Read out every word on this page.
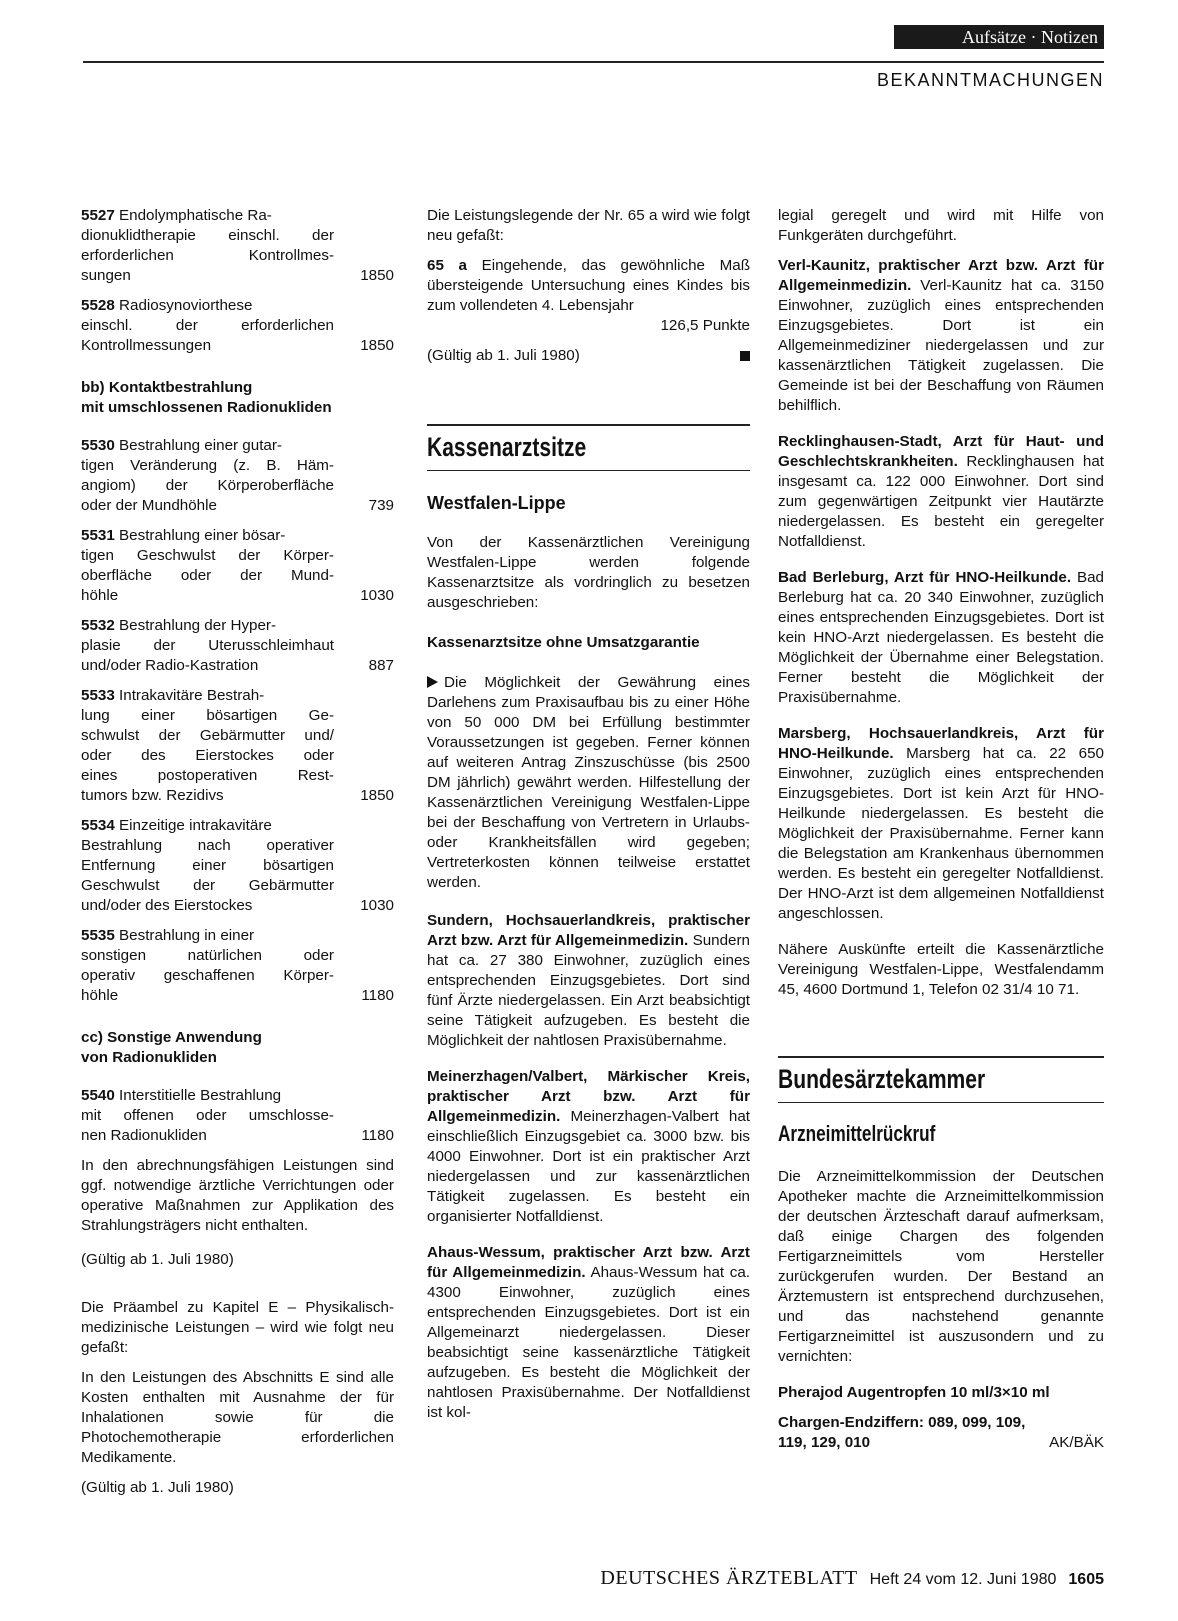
Aufsätze · Notizen
BEKANNTMACHUNGEN
5527 Endolymphatische Ra-
dionuklidtherapie einschl. der
erforderlichen Kontrollmes-
sungen	1850
5528 Radiosynoviorthese
einschl. der erforderlichen
Kontrollmessungen	1850
bb) Kontaktbestrahlung
mit umschlossenen Radionukliden
5530 Bestrahlung einer gutar-
tigen Veränderung (z. B. Häm-
angiom) der Körperoberfläche
oder der Mundhöhle	739
5531 Bestrahlung einer bösar-
tigen Geschwulst der Körper-
oberfläche oder der Mund-
höhle	1030
5532 Bestrahlung der Hyper-
plasie der Uterusschleimhaut
und/oder Radio-Kastration	887
5533 Intrakavitäre Bestrah-
lung einer bösartigen Ge-
schwulst der Gebärmutter und/
oder des Eierstockes oder
eines postoperativen Rest-
tumors bzw. Rezidivs	1850
5534 Einzeitige intrakavitäre
Bestrahlung nach operativer
Entfernung einer bösartigen
Geschwulst der Gebärmutter
und/oder des Eierstockes	1030
5535 Bestrahlung in einer
sonstigen natürlichen oder
operativ geschaffenen Körper-
höhle	1180
cc) Sonstige Anwendung
von Radionukliden
5540 Interstitielle Bestrahlung
mit offenen oder umschlosse-
nen Radionukliden	1180

In den abrechnungsfähigen Leistungen sind ggf. notwendige ärztliche Verrichtungen oder operative Maßnahmen zur Applikation des Strahlungsträgers nicht enthalten.

(Gültig ab 1. Juli 1980)

Die Präambel zu Kapitel E – Physikalisch-medizinische Leistungen – wird wie folgt neu gefaßt:

In den Leistungen des Abschnitts E sind alle Kosten enthalten mit Ausnahme der für Inhalationen sowie für die Photochemotherapie erforderlichen Medikamente.

(Gültig ab 1. Juli 1980)

Die Leistungslegende der Nr. 65 a wird wie folgt neu gefaßt:

65 a Eingehende, das gewöhnliche Maß übersteigende Untersuchung eines Kindes bis zum vollendeten 4. Lebensjahr
126,5 Punkte
(Gültig ab 1. Juli 1980)
Kassenarztsitze
Westfalen-Lippe

Von der Kassenärztlichen Vereinigung Westfalen-Lippe werden folgende Kassenarztsitze als vordringlich zu besetzen ausgeschrieben:

Kassenarztsitze ohne Umsatzgarantie

Die Möglichkeit der Gewährung eines Darlehens zum Praxisaufbau bis zu einer Höhe von 50 000 DM bei Erfüllung bestimmter Voraussetzungen ist gegeben. Ferner können auf weiteren Antrag Zinszuschüsse (bis 2500 DM jährlich) gewährt werden. Hilfestellung der Kassenärztlichen Vereinigung Westfalen-Lippe bei der Beschaffung von Vertretern in Urlaubs- oder Krankheitsfällen wird gegeben; Vertreterkosten können teilweise erstattet werden.

Sundern, Hochsauerlandkreis, praktischer Arzt bzw. Arzt für Allgemeinmedizin. Sundern hat ca. 27 380 Einwohner, zuzüglich eines entsprechenden Einzugsgebietes. Dort sind fünf Ärzte niedergelassen. Ein Arzt beabsichtigt seine Tätigkeit aufzugeben. Es besteht die Möglichkeit der nahtlosen Praxisübernahme.

Meinerzhagen/Valbert, Märkischer Kreis, praktischer Arzt bzw. Arzt für Allgemeinmedizin. Meinerzhagen-Valbert hat einschließlich Einzugsgebiet ca. 3000 bzw. bis 4000 Einwohner. Dort ist ein praktischer Arzt niedergelassen und zur kassenärztlichen Tätigkeit zugelassen. Es besteht ein organisierter Notfalldienst.

Ahaus-Wessum, praktischer Arzt bzw. Arzt für Allgemeinmedizin. Ahaus-Wessum hat ca. 4300 Einwohner, zuzüglich eines entsprechenden Einzugsgebietes. Dort ist ein Allgemeinarzt niedergelassen. Dieser beabsichtigt seine kassenärztliche Tätigkeit aufzugeben. Es besteht die Möglichkeit der nahtlosen Praxisübernahme. Der Notfalldienst ist kol-

legial geregelt und wird mit Hilfe von Funkgeräten durchgeführt.

Verl-Kaunitz, praktischer Arzt bzw. Arzt für Allgemeinmedizin. Verl-Kaunitz hat ca. 3150 Einwohner, zuzüglich eines entsprechenden Einzugsgebietes. Dort ist ein Allgemeinmediziner niedergelassen und zur kassenärztlichen Tätigkeit zugelassen. Die Gemeinde ist bei der Beschaffung von Räumen behilflich.

Recklinghausen-Stadt, Arzt für Haut- und Geschlechtskrankheiten. Recklinghausen hat insgesamt ca. 122 000 Einwohner. Dort sind zum gegenwärtigen Zeitpunkt vier Hautärzte niedergelassen. Es besteht ein geregelter Notfalldienst.

Bad Berleburg, Arzt für HNO-Heilkunde. Bad Berleburg hat ca. 20 340 Einwohner, zuzüglich eines entsprechenden Einzugsgebietes. Dort ist kein HNO-Arzt niedergelassen. Es besteht die Möglichkeit der Übernahme einer Belegstation. Ferner besteht die Möglichkeit der Praxisübernahme.

Marsberg, Hochsauerlandkreis, Arzt für HNO-Heilkunde. Marsberg hat ca. 22 650 Einwohner, zuzüglich eines entsprechenden Einzugsgebietes. Dort ist kein Arzt für HNO-Heilkunde niedergelassen. Es besteht die Möglichkeit der Praxisübernahme. Ferner kann die Belegstation am Krankenhaus übernommen werden. Es besteht ein geregelter Notfalldienst. Der HNO-Arzt ist dem allgemeinen Notfalldienst angeschlossen.

Nähere Auskünfte erteilt die Kassenärztliche Vereinigung Westfalen-Lippe, Westfalendamm 45, 4600 Dortmund 1, Telefon 02 31/4 10 71.

Bundesärztekammer
Arzneimittelrückruf

Die Arzneimittelkommission der Deutschen Apotheker machte die Arzneimittelkommission der deutschen Ärzteschaft darauf aufmerksam, daß einige Chargen des folgenden Fertigarzneimittels vom Hersteller zurückgerufen wurden. Der Bestand an Ärztemustern ist entsprechend durchzusehen, und das nachstehend genannte Fertigarzneimittel ist auszusondern und zu vernichten:

Pherajod Augentropfen 10 ml/3×10 ml
Chargen-Endziffern: 089, 099, 109, 119, 129, 010	AK/BÄK
DEUTSCHES ÄRZTEBLATT Heft 24 vom 12. Juni 1980 1605
